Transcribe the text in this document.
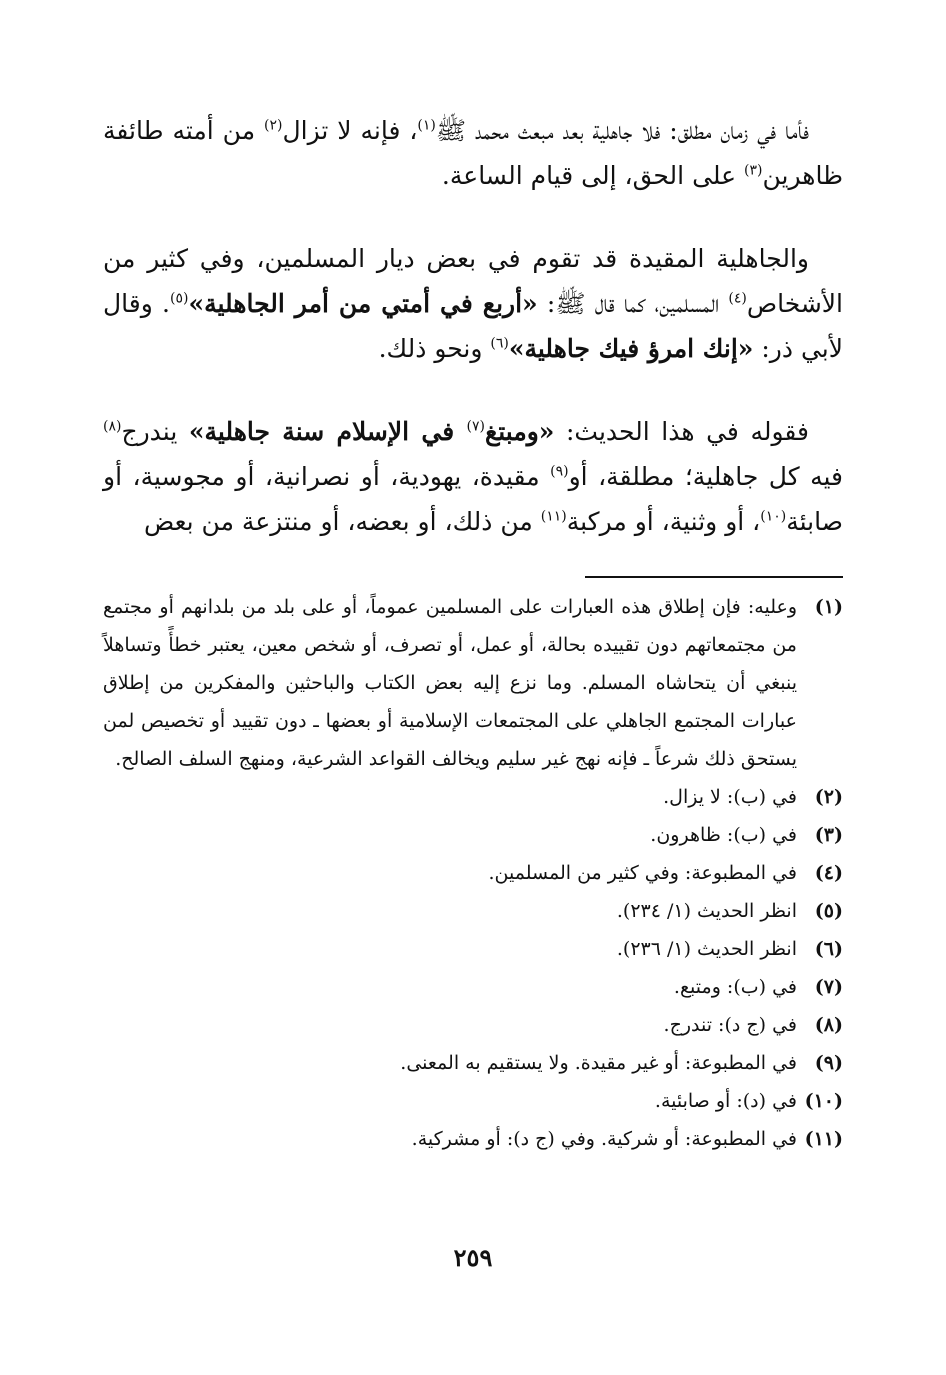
فأما في زمان مطلق: فلا جاهلية بعد مبعث محمد ﷺ$^{(١)}$، فإنه لا تزال$^{(٢)}$ من أمته طائفة ظاهرين$^{(٣)}$ على الحق، إلى قيام الساعة.

والجاهلية المقيدة قد تقوم في بعض ديار المسلمين، وفي كثير من الأشخاص$^{(٤)}$ المسلمين، كما قال ﷺ: «أربع في أمتي من أمر الجاهلية»$^{(٥)}$. وقال لأبي ذر: «إنك امرؤ فيك جاهلية»$^{(٦)}$ ونحو ذلك.

فقوله في هذا الحديث: «ومبتغ$^{(٧)}$ في الإسلام سنة جاهلية» يندرج$^{(٨)}$ فيه كل جاهلية؛ مطلقة، أو$^{(٩)}$ مقيدة، يهودية، أو نصرانية، أو مجوسية، أو صابئة$^{(١٠)}$، أو وثنية، أو مركبة$^{(١١)}$ من ذلك، أو بعضه، أو منتزعة من بعض

(١)
وعليه: فإن إطلاق هذه العبارات على المسلمين عموماً، أو على بلد من بلدانهم أو مجتمع من مجتمعاتهم دون تقييده بحالة، أو عمل، أو تصرف، أو شخص معين، يعتبر خطأً وتساهلاً ينبغي أن يتحاشاه المسلم. وما نزع إليه بعض الكتاب والباحثين والمفكرين من إطلاق عبارات المجتمع الجاهلي على المجتمعات الإسلامية أو بعضها ـ دون تقييد أو تخصيص لمن يستحق ذلك شرعاً ـ فإنه نهج غير سليم ويخالف القواعد الشرعية، ومنهج السلف الصالح.
(٢)
في (ب): لا يزال.
(٣)
في (ب): ظاهرون.
(٤)
في المطبوعة: وفي كثير من المسلمين.
(٥)
انظر الحديث (١/ ٢٣٤).
(٦)
انظر الحديث (١/ ٢٣٦).
(٧)
في (ب): ومتبع.
(٨)
في (ج د): تندرج.
(٩)
في المطبوعة: أو غير مقيدة. ولا يستقيم به المعنى.
(١٠)
في (د): أو صابئية.
(١١)
في المطبوعة: أو شركية. وفي (ج د): أو مشركية.
٢٥٩
